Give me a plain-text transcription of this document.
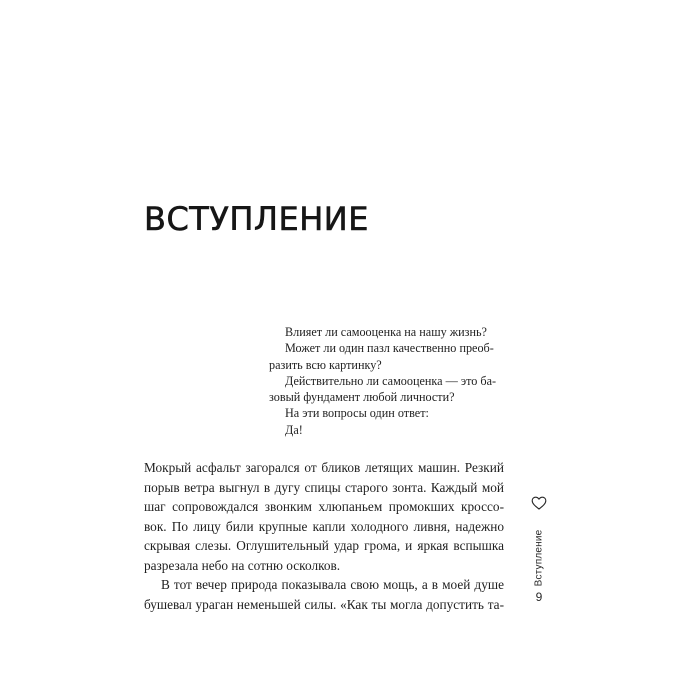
ВСТУПЛЕНИЕ
Влияет ли самооценка на нашу жизнь?
Может ли один пазл качественно преоб-
разить всю картинку?
Действительно ли самооценка — это ба-
зовый фундамент любой личности?
На эти вопросы один ответ:
Да!
Мокрый асфальт загорался от бликов летящих машин. Резкий
порыв ветра выгнул в дугу спицы старого зонта. Каждый мой
шаг сопровождался звонким хлюпаньем промокших кроссо-
вок. По лицу били крупные капли холодного ливня, надежно
скрывая слезы. Оглушительный удар грома, и яркая вспышка
разрезала небо на сотню осколков.
В тот вечер природа показывала свою мощь, а в моей душе
бушевал ураган неменьшей силы. «Как ты могла допустить та-
Вступление
9
